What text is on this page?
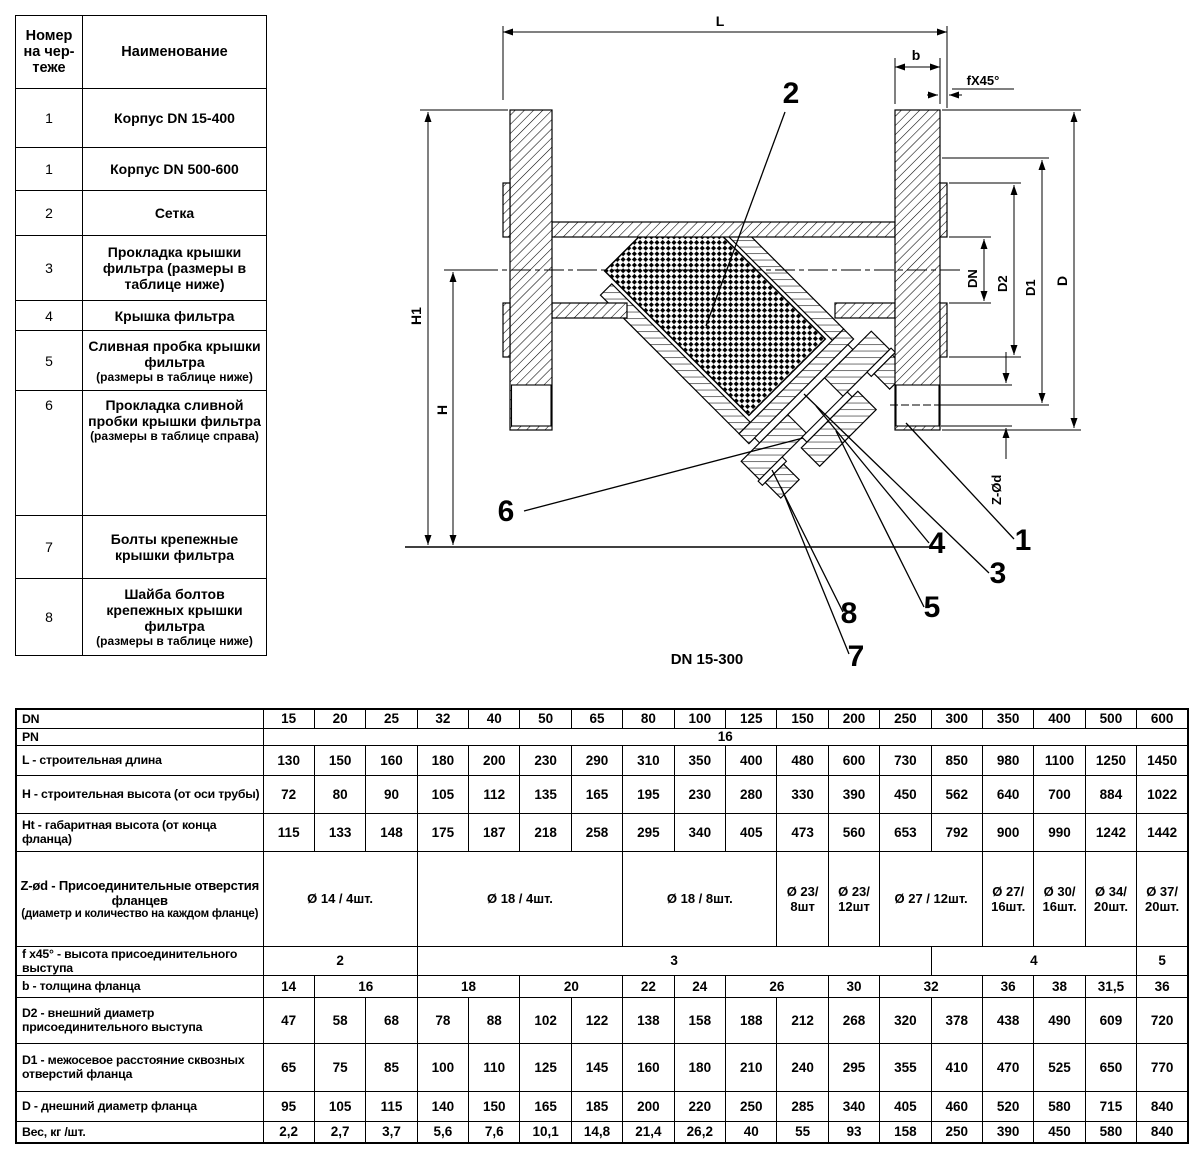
Номер на чер-теже	Наименование
1	Корпус DN 15-400

1	Корпус DN 500-600

2	Сетка

3	Прокладка крышки фильтра (размеры в таблице ниже)

4	Крышка фильтра

5	Сливная пробка крышки фильтра
(размеры в таблице ниже)

6	Прокладка сливной пробки крышки фильтра
(размеры в таблице справа)

7	Болты крепежные крышки фильтра

8	Шайба болтов крепежных крышки фильтра
(размеры в таблице ниже)
L
b
fX45°
H1
H
DN D2 D1 D
Z-Ød
2
6
8
7
5
4
3
1
DN 15-300
DN	15	20	25	32	40	50	65	80	100	125	150	200	250	300	350	400	500	600

PN	16																	

L - строительная длина	130	150	160	180	200	230	290	310	350	400	480	600	730	850	980	1100	1250	1450

H - строительная высота (от оси трубы)	72	80	90	105	112	135	165	195	230	280	330	390	450	562	640	700	884	1022

Ht - габаритная высота (от конца фланца)	115	133	148	175	187	218	258	295	340	405	473	560	653	792	900	990	1242	1442

Z-ød - Присоединительные отверстия фланцев
(диаметр и количество на каждом фланце)	Ø 14 / 4шт.			Ø 18 / 4шт.				Ø 18 / 8шт.			Ø 23/ 8шт	Ø 23/ 12шт	Ø 27 / 12шт.		Ø 27/ 16шт.	Ø 30/ 16шт.	Ø 34/ 20шт.	Ø 37/ 20шт.

f x45° - высота присоединительного выступа	2			3										4				5

b - толщина фланца	14	16		18		20		22	24	26		30	32		36	38	31,5	36

D2 - внешний диаметр присоединительного выступа	47	58	68	78	88	102	122	138	158	188	212	268	320	378	438	490	609	720

D1 - межосевое расстояние сквозных отверстий фланца	65	75	85	100	110	125	145	160	180	210	240	295	355	410	470	525	650	770

D - днешний диаметр фланца	95	105	115	140	150	165	185	200	220	250	285	340	405	460	520	580	715	840

Вес, кг /шт.	2,2	2,7	3,7	5,6	7,6	10,1	14,8	21,4	26,2	40	55	93	158	250	390	450	580	840
